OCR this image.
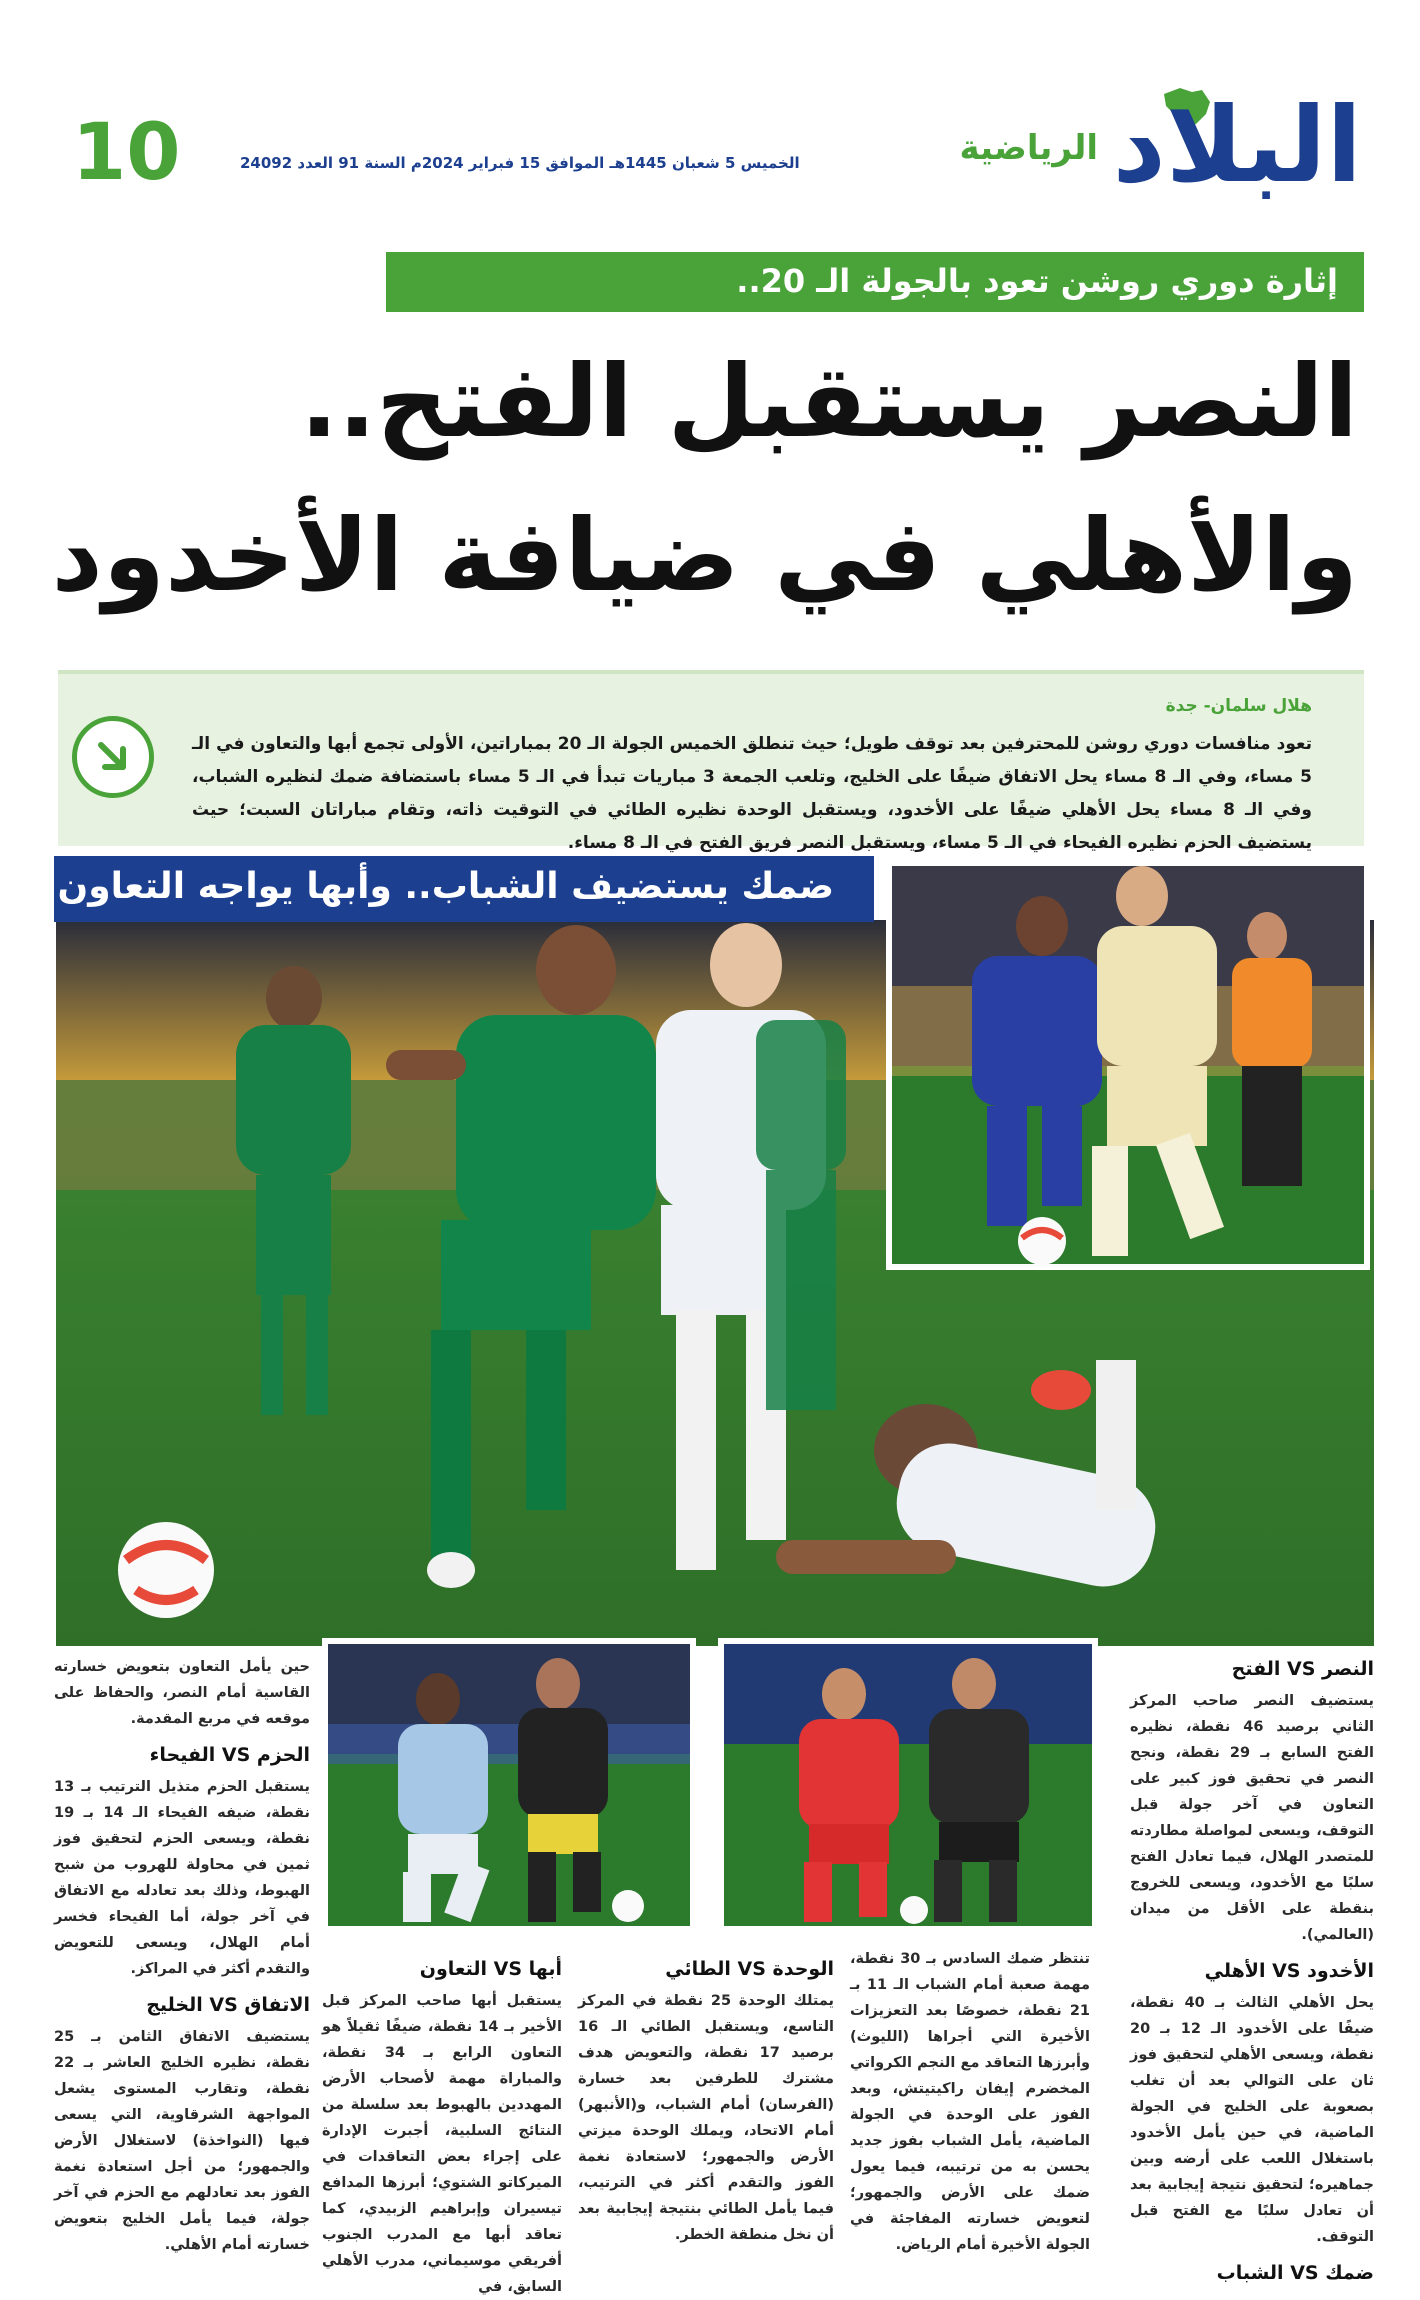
البلاد
الرياضية
الخميس 5 شعبان 1445هـ الموافق 15 فبراير 2024م السنة 91 العدد 24092
10
إثارة دوري روشن تعود بالجولة الـ 20..
النصر يستقبل الفتح..
والأهلي في ضيافة الأخدود
هلال سلمان- جدة

تعود منافسات دوري روشن للمحترفين بعد توقف طويل؛ حيث تنطلق الخميس الجولة الـ 20 بمباراتين، الأولى تجمع أبها والتعاون في الـ 5 مساء، وفي الـ 8 مساء يحل الاتفاق ضيفًا على الخليج، وتلعب الجمعة 3 مباريات تبدأ في الـ 5 مساء باستضافة ضمك لنظيره الشباب، وفي الـ 8 مساء يحل الأهلي ضيفًا على الأخدود، ويستقبل الوحدة نظيره الطائي في التوقيت ذاته، وتقام مباراتان السبت؛ حيث يستضيف الحزم نظيره الفيحاء في الـ 5 مساء، ويستقبل النصر فريق الفتح في الـ 8 مساء.

ضمك يستضيف الشباب.. وأبها يواجه التعاون
النصر VS الفتح

يستضيف النصر صاحب المركز الثاني برصيد 46 نقطة، نظيره الفتح السابع بـ 29 نقطة، ونجح النصر في تحقيق فوز كبير على التعاون في آخر جولة قبل التوقف، ويسعى لمواصلة مطاردته للمتصدر الهلال، فيما تعادل الفتح سلبًا مع الأخدود، ويسعى للخروج بنقطة على الأقل من ميدان (العالمي).

الأخدود VS الأهلي

يحل الأهلي الثالث بـ 40 نقطة، ضيفًا على الأخدود الـ 12 بـ 20 نقطة، ويسعى الأهلي لتحقيق فوز ثان على التوالي بعد أن تغلب بصعوبة على الخليج في الجولة الماضية، في حين يأمل الأخدود باستغلال اللعب على أرضه وبين جماهيره؛ لتحقيق نتيجة إيجابية بعد أن تعادل سلبًا مع الفتح قبل التوقف.

ضمك VS الشباب

تنتظر ضمك السادس بـ 30 نقطة، مهمة صعبة أمام الشباب الـ 11 بـ 21 نقطة، خصوصًا بعد التعزيزات الأخيرة التي أجراها (الليوث) وأبرزها التعاقد مع النجم الكرواتي المخضرم إيفان راكيتيتش، وبعد الفوز على الوحدة في الجولة الماضية، يأمل الشباب بفوز جديد يحسن به من ترتيبه، فيما يعول ضمك على الأرض والجمهور؛ لتعويض خسارته المفاجئة في الجولة الأخيرة أمام الرياض.

الوحدة VS الطائي

يمتلك الوحدة 25 نقطة في المركز التاسع، ويستقبل الطائي الـ 16 برصيد 17 نقطة، والتعويض هدف مشترك للطرفين بعد خسارة (الفرسان) أمام الشباب، و(الأنبهر) أمام الاتحاد، ويملك الوحدة ميزتي الأرض والجمهور؛ لاستعادة نغمة الفوز والتقدم أكثر في الترتيب، فيما يأمل الطائي بنتيجة إيجابية بعد أن نخل منطقة الخطر.

أبها VS التعاون

يستقبل أبها صاحب المركز قبل الأخير بـ 14 نقطة، ضيفًا ثقيلاً هو التعاون الرابع بـ 34 نقطة، والمباراة مهمة لأصحاب الأرض المهددين بالهبوط بعد سلسلة من النتائج السلبية، أجبرت الإدارة على إجراء بعض التعاقدات في الميركاتو الشتوي؛ أبرزها المدافع تيسيران وإبراهيم الزبيدي، كما تعاقد أبها مع المدرب الجنوب أفريقي موسيماني، مدرب الأهلي السابق، في

حين يأمل التعاون بتعويض خسارته القاسية أمام النصر، والحفاظ على موقعه في مربع المقدمة.

الحزم VS الفيحاء

يستقبل الحزم متذيل الترتيب بـ 13 نقطة، ضيفه الفيحاء الـ 14 بـ 19 نقطة، ويسعى الحزم لتحقيق فوز ثمين في محاولة للهروب من شبح الهبوط، وذلك بعد تعادله مع الاتفاق في آخر جولة، أما الفيحاء فخسر أمام الهلال، ويسعى للتعويض والتقدم أكثر في المراكز.

الاتفاق VS الخليج

يستضيف الاتفاق الثامن بـ 25 نقطة، نظيره الخليج العاشر بـ 22 نقطة، وتقارب المستوى يشعل المواجهة الشرقاوية، التي يسعى فيها (النواخذة) لاستغلال الأرض والجمهور؛ من أجل استعادة نغمة الفوز بعد تعادلهم مع الحزم في آخر جولة، فيما يأمل الخليج بتعويض خسارته أمام الأهلي.
